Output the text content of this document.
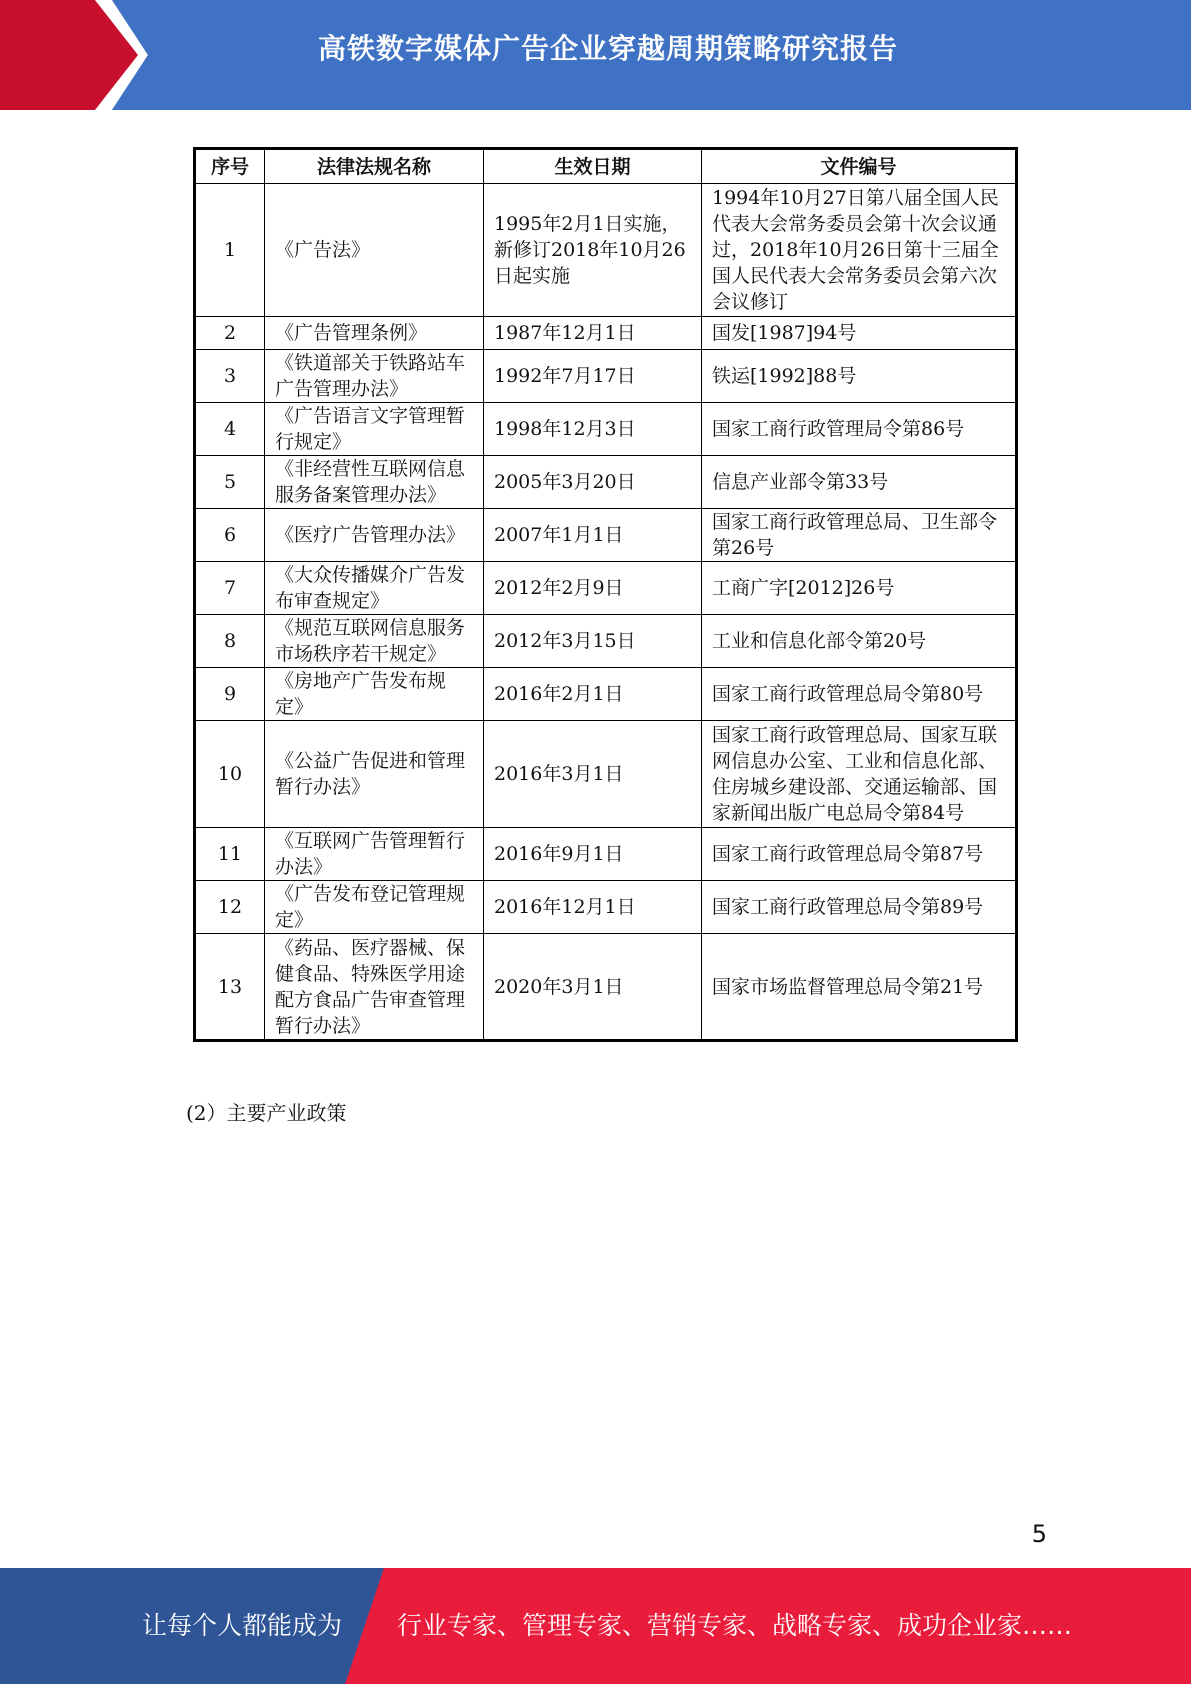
高铁数字媒体广告企业穿越周期策略研究报告
序号	法律法规名称	生效日期	文件编号
1	《广告法》	1995年2月1日实施，新修订2018年10月26日起实施	1994年10月27日第八届全国人民代表大会常务委员会第十次会议通过，2018年10月26日第十三届全国人民代表大会常务委员会第六次会议修订
2	《广告管理条例》	1987年12月1日	国发[1987]94号
3	《铁道部关于铁路站车广告管理办法》	1992年7月17日	铁运[1992]88号
4	《广告语言文字管理暂行规定》	1998年12月3日	国家工商行政管理局令第86号
5	《非经营性互联网信息服务备案管理办法》	2005年3月20日	信息产业部令第33号
6	《医疗广告管理办法》	2007年1月1日	国家工商行政管理总局、卫生部令第26号
7	《大众传播媒介广告发布审查规定》	2012年2月9日	工商广字[2012]26号
8	《规范互联网信息服务市场秩序若干规定》	2012年3月15日	工业和信息化部令第20号
9	《房地产广告发布规定》	2016年2月1日	国家工商行政管理总局令第80号
10	《公益广告促进和管理暂行办法》	2016年3月1日	国家工商行政管理总局、国家互联网信息办公室、工业和信息化部、住房城乡建设部、交通运输部、国家新闻出版广电总局令第84号
11	《互联网广告管理暂行办法》	2016年9月1日	国家工商行政管理总局令第87号
12	《广告发布登记管理规定》	2016年12月1日	国家工商行政管理总局令第89号
13	《药品、医疗器械、保健食品、特殊医学用途配方食品广告审查管理暂行办法》	2020年3月1日	国家市场监督管理总局令第21号
(2）主要产业政策
5
让每个人都能成为 行业专家、管理专家、营销专家、战略专家、成功企业家……
